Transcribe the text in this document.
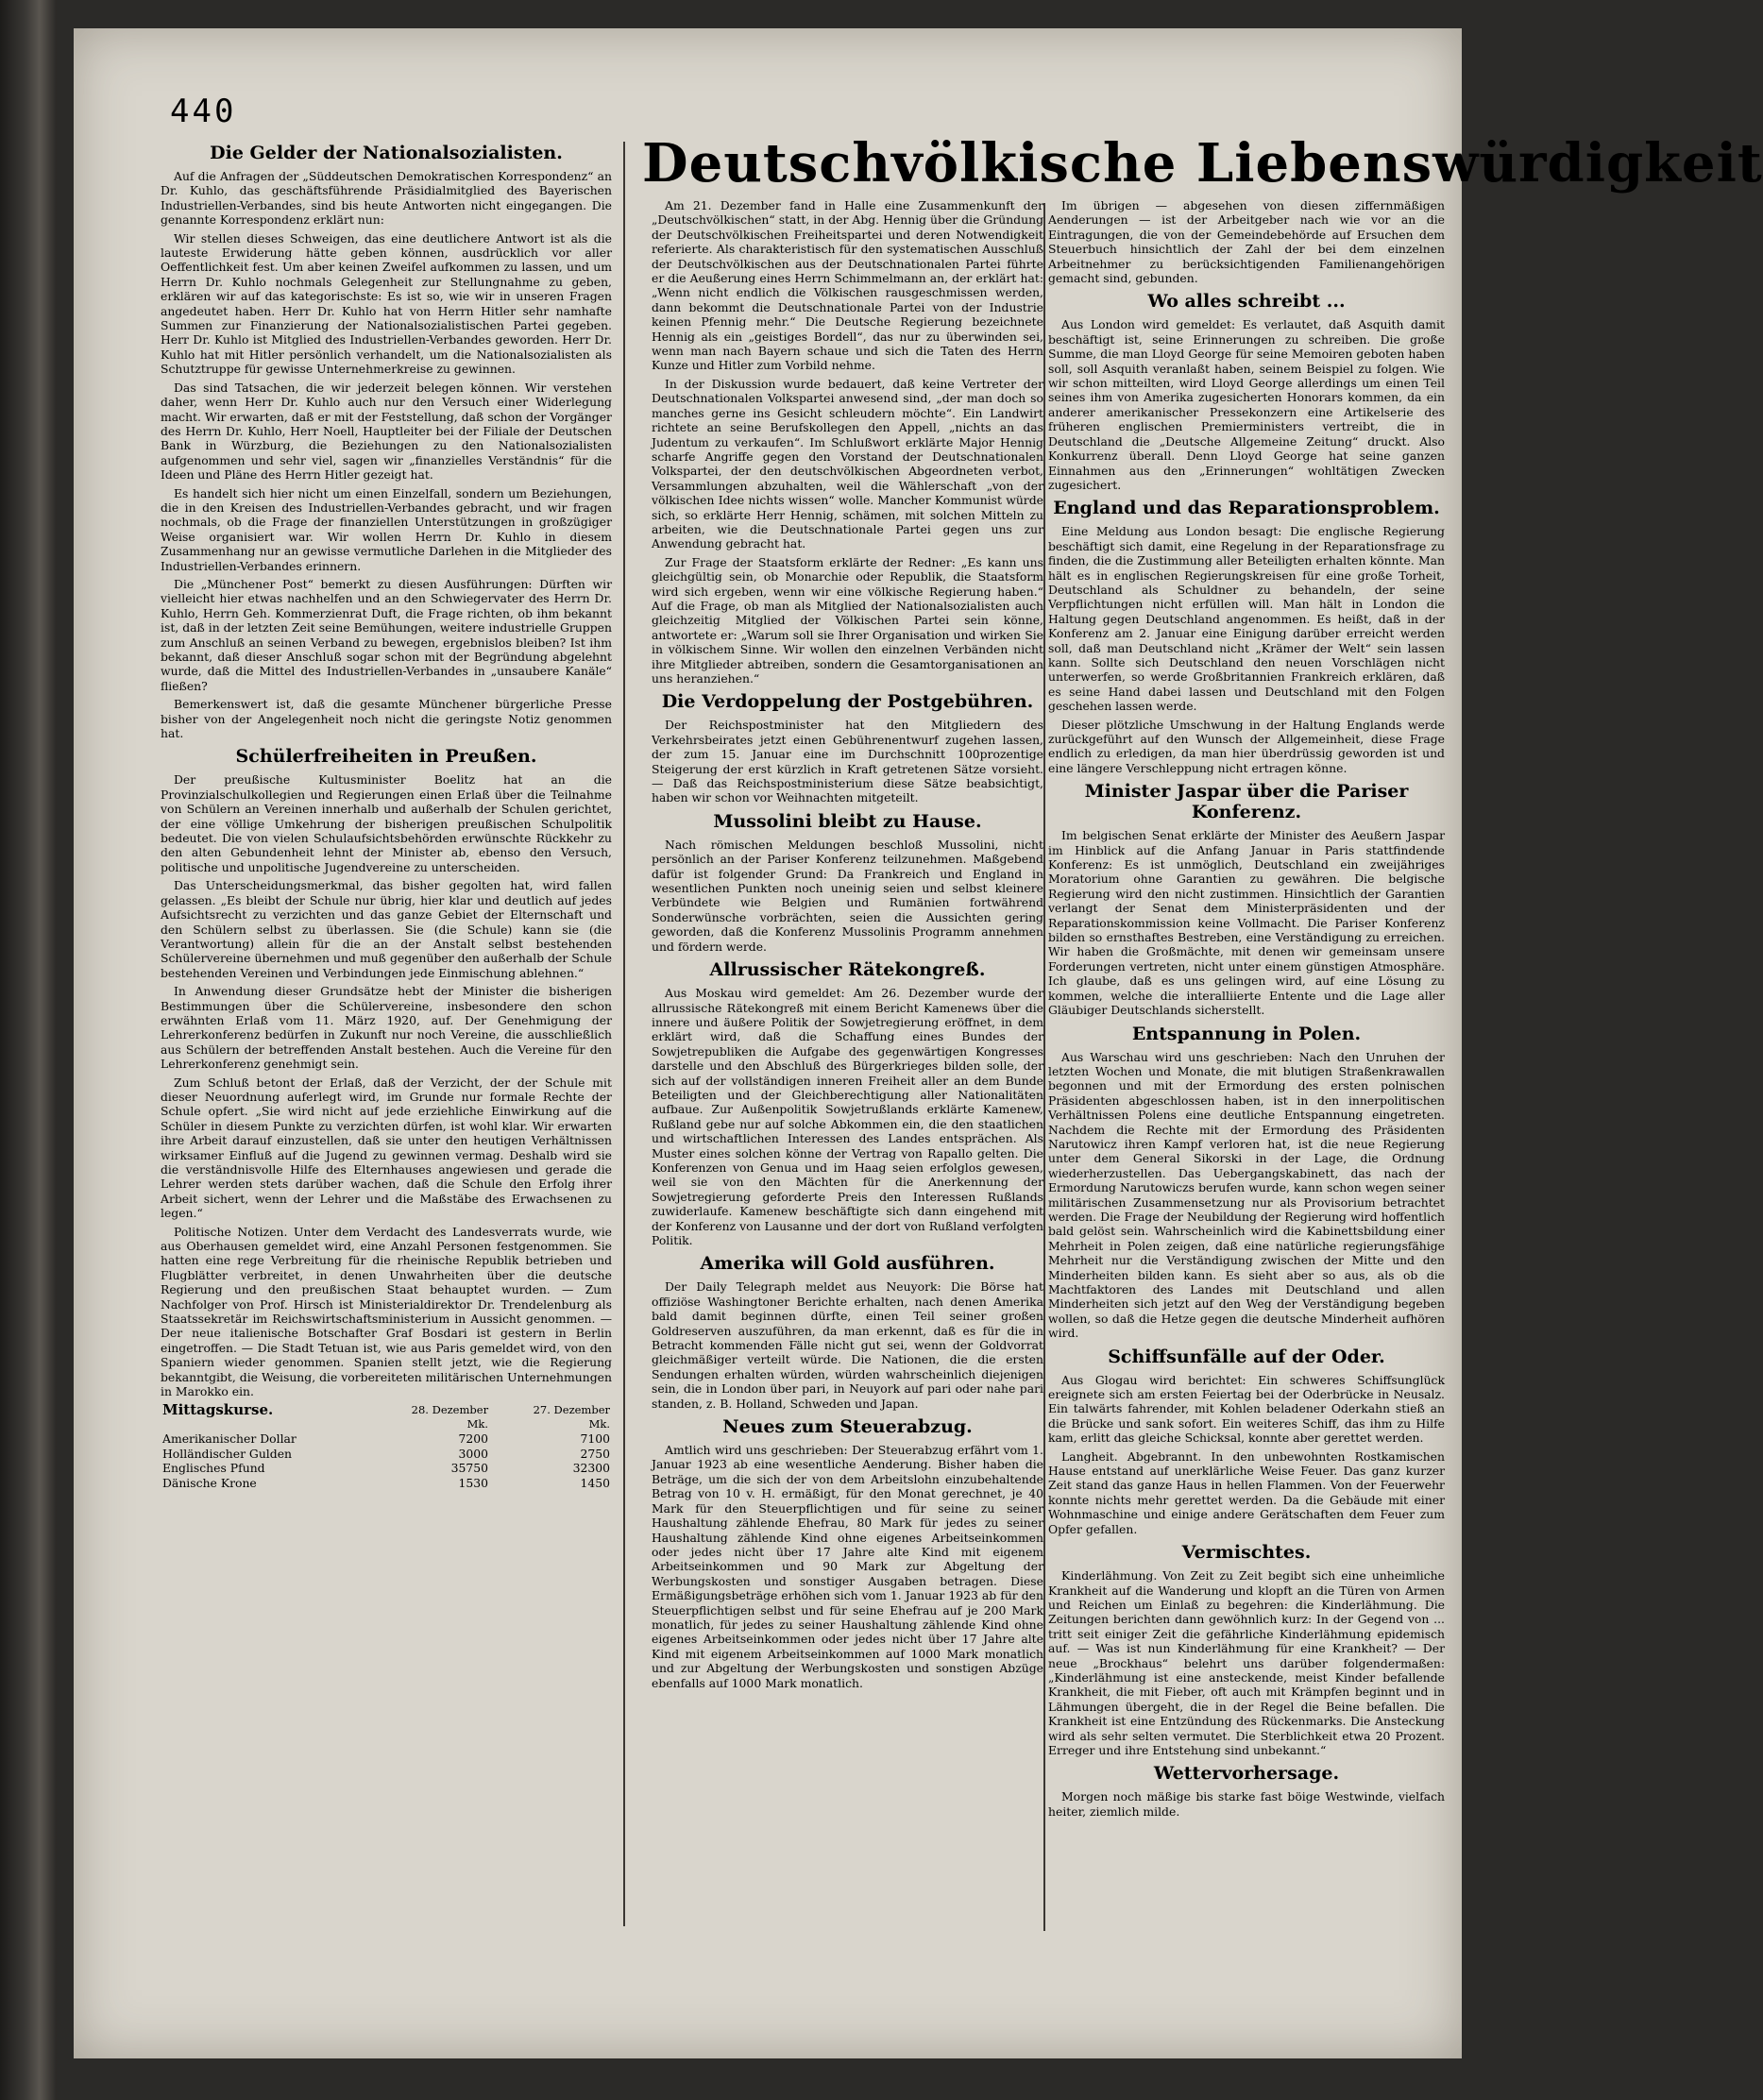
440
Deutschvölkische Liebenswürdigkeit
Die Gelder der Nationalsozialisten.

Auf die Anfragen der „Süddeutschen Demokratischen Korrespondenz“ an Dr. Kuhlo, das geschäftsführende Präsidialmitglied des Bayerischen Industriellen-Verbandes, sind bis heute Antworten nicht eingegangen. Die genannte Korrespondenz erklärt nun:

Wir stellen dieses Schweigen, das eine deutlichere Antwort ist als die lauteste Erwiderung hätte geben können, ausdrücklich vor aller Oeffentlichkeit fest. Um aber keinen Zweifel aufkommen zu lassen, und um Herrn Dr. Kuhlo nochmals Gelegenheit zur Stellungnahme zu geben, erklären wir auf das kategorischste: Es ist so, wie wir in unseren Fragen angedeutet haben. Herr Dr. Kuhlo hat von Herrn Hitler sehr namhafte Summen zur Finanzierung der Nationalsozialistischen Partei gegeben. Herr Dr. Kuhlo ist Mitglied des Industriellen-Verbandes geworden. Herr Dr. Kuhlo hat mit Hitler persönlich verhandelt, um die Nationalsozialisten als Schutztruppe für gewisse Unternehmerkreise zu gewinnen.

Das sind Tatsachen, die wir jederzeit belegen können. Wir verstehen daher, wenn Herr Dr. Kuhlo auch nur den Versuch einer Widerlegung macht. Wir erwarten, daß er mit der Feststellung, daß schon der Vorgänger des Herrn Dr. Kuhlo, Herr Noell, Hauptleiter bei der Filiale der Deutschen Bank in Würzburg, die Beziehungen zu den Nationalsozialisten aufgenommen und sehr viel, sagen wir „finanzielles Verständnis“ für die Ideen und Pläne des Herrn Hitler gezeigt hat.

Es handelt sich hier nicht um einen Einzelfall, sondern um Beziehungen, die in den Kreisen des Industriellen-Verbandes gebracht, und wir fragen nochmals, ob die Frage der finanziellen Unterstützungen in großzügiger Weise organisiert war. Wir wollen Herrn Dr. Kuhlo in diesem Zusammenhang nur an gewisse vermutliche Darlehen in die Mitglieder des Industriellen-Verbandes erinnern.

Die „Münchener Post“ bemerkt zu diesen Ausführungen: Dürften wir vielleicht hier etwas nachhelfen und an den Schwiegervater des Herrn Dr. Kuhlo, Herrn Geh. Kommerzienrat Duft, die Frage richten, ob ihm bekannt ist, daß in der letzten Zeit seine Bemühungen, weitere industrielle Gruppen zum Anschluß an seinen Verband zu bewegen, ergebnislos bleiben? Ist ihm bekannt, daß dieser Anschluß sogar schon mit der Begründung abgelehnt wurde, daß die Mittel des Industriellen-Verbandes in „unsaubere Kanäle“ fließen?

Bemerkenswert ist, daß die gesamte Münchener bürgerliche Presse bisher von der Angelegenheit noch nicht die geringste Notiz genommen hat.

Schülerfreiheiten in Preußen.

Der preußische Kultusminister Boelitz hat an die Provinzialschulkollegien und Regierungen einen Erlaß über die Teilnahme von Schülern an Vereinen innerhalb und außerhalb der Schulen gerichtet, der eine völlige Umkehrung der bisherigen preußischen Schulpolitik bedeutet. Die von vielen Schulaufsichtsbehörden erwünschte Rückkehr zu den alten Gebundenheit lehnt der Minister ab, ebenso den Versuch, politische und unpolitische Jugendvereine zu unterscheiden.

Das Unterscheidungsmerkmal, das bisher gegolten hat, wird fallen gelassen. „Es bleibt der Schule nur übrig, hier klar und deutlich auf jedes Aufsichtsrecht zu verzichten und das ganze Gebiet der Elternschaft und den Schülern selbst zu überlassen. Sie (die Schule) kann sie (die Verantwortung) allein für die an der Anstalt selbst bestehenden Schülervereine übernehmen und muß gegenüber den außerhalb der Schule bestehenden Vereinen und Verbindungen jede Einmischung ablehnen.“

In Anwendung dieser Grundsätze hebt der Minister die bisherigen Bestimmungen über die Schülervereine, insbesondere den schon erwähnten Erlaß vom 11. März 1920, auf. Der Genehmigung der Lehrerkonferenz bedürfen in Zukunft nur noch Vereine, die ausschließlich aus Schülern der betreffenden Anstalt bestehen. Auch die Vereine für den Lehrerkonferenz genehmigt sein.

Zum Schluß betont der Erlaß, daß der Verzicht, der der Schule mit dieser Neuordnung auferlegt wird, im Grunde nur formale Rechte der Schule opfert. „Sie wird nicht auf jede erziehliche Einwirkung auf die Schüler in diesem Punkte zu verzichten dürfen, ist wohl klar. Wir erwarten ihre Arbeit darauf einzustellen, daß sie unter den heutigen Verhältnissen wirksamer Einfluß auf die Jugend zu gewinnen vermag. Deshalb wird sie die verständnisvolle Hilfe des Elternhauses angewiesen und gerade die Lehrer werden stets darüber wachen, daß die Schule den Erfolg ihrer Arbeit sichert, wenn der Lehrer und die Maßstäbe des Erwachsenen zu legen.“

Politische Notizen. Unter dem Verdacht des Landesverrats wurde, wie aus Oberhausen gemeldet wird, eine Anzahl Personen festgenommen. Sie hatten eine rege Verbreitung für die rheinische Republik betrieben und Flugblätter verbreitet, in denen Unwahrheiten über die deutsche Regierung und den preußischen Staat behauptet wurden. — Zum Nachfolger von Prof. Hirsch ist Ministerialdirektor Dr. Trendelenburg als Staatssekretär im Reichswirtschaftsministerium in Aussicht genommen. — Der neue italienische Botschafter Graf Bosdari ist gestern in Berlin eingetroffen. — Die Stadt Tetuan ist, wie aus Paris gemeldet wird, von den Spaniern wieder genommen. Spanien stellt jetzt, wie die Regierung bekanntgibt, die Weisung, die vorbereiteten militärischen Unternehmungen in Marokko ein.

Mittagskurse.	28. Dezember	27. Dezember
	Mk.	Mk.
Amerikanischer Dollar	7200	7100
Holländischer Gulden	3000	2750
Englisches Pfund	35750	32300
Dänische Krone	1530	1450

Am 21. Dezember fand in Halle eine Zusammenkunft der „Deutschvölkischen“ statt, in der Abg. Hennig über die Gründung der Deutschvölkischen Freiheitspartei und deren Notwendigkeit referierte. Als charakteristisch für den systematischen Ausschluß der Deutschvölkischen aus der Deutschnationalen Partei führte er die Aeußerung eines Herrn Schimmelmann an, der erklärt hat: „Wenn nicht endlich die Völkischen rausgeschmissen werden, dann bekommt die Deutschnationale Partei von der Industrie keinen Pfennig mehr.“ Die Deutsche Regierung bezeichnete Hennig als ein „geistiges Bordell“, das nur zu überwinden sei, wenn man nach Bayern schaue und sich die Taten des Herrn Kunze und Hitler zum Vorbild nehme.

In der Diskussion wurde bedauert, daß keine Vertreter der Deutschnationalen Volkspartei anwesend sind, „der man doch so manches gerne ins Gesicht schleudern möchte“. Ein Landwirt richtete an seine Berufskollegen den Appell, „nichts an das Judentum zu verkaufen“. Im Schlußwort erklärte Major Hennig scharfe Angriffe gegen den Vorstand der Deutschnationalen Volkspartei, der den deutschvölkischen Abgeordneten verbot, Versammlungen abzuhalten, weil die Wählerschaft „von der völkischen Idee nichts wissen“ wolle. Mancher Kommunist würde sich, so erklärte Herr Hennig, schämen, mit solchen Mitteln zu arbeiten, wie die Deutschnationale Partei gegen uns zur Anwendung gebracht hat.

Zur Frage der Staatsform erklärte der Redner: „Es kann uns gleichgültig sein, ob Monarchie oder Republik, die Staatsform wird sich ergeben, wenn wir eine völkische Regierung haben.“ Auf die Frage, ob man als Mitglied der Nationalsozialisten auch gleichzeitig Mitglied der Völkischen Partei sein könne, antwortete er: „Warum soll sie Ihrer Organisation und wirken Sie in völkischem Sinne. Wir wollen den einzelnen Verbänden nicht ihre Mitglieder abtreiben, sondern die Gesamtorganisationen an uns heranziehen.“

Die Verdoppelung der Postgebühren.

Der Reichspostminister hat den Mitgliedern des Verkehrsbeirates jetzt einen Gebührenentwurf zugehen lassen, der zum 15. Januar eine im Durchschnitt 100prozentige Steigerung der erst kürzlich in Kraft getretenen Sätze vorsieht. — Daß das Reichspostministerium diese Sätze beabsichtigt, haben wir schon vor Weihnachten mitgeteilt.

Mussolini bleibt zu Hause.

Nach römischen Meldungen beschloß Mussolini, nicht persönlich an der Pariser Konferenz teilzunehmen. Maßgebend dafür ist folgender Grund: Da Frankreich und England in wesentlichen Punkten noch uneinig seien und selbst kleinere Verbündete wie Belgien und Rumänien fortwährend Sonderwünsche vorbrächten, seien die Aussichten gering geworden, daß die Konferenz Mussolinis Programm annehmen und fördern werde.

Allrussischer Rätekongreß.

Aus Moskau wird gemeldet: Am 26. Dezember wurde der allrussische Rätekongreß mit einem Bericht Kamenews über die innere und äußere Politik der Sowjetregierung eröffnet, in dem erklärt wird, daß die Schaffung eines Bundes der Sowjetrepubliken die Aufgabe des gegenwärtigen Kongresses darstelle und den Abschluß des Bürgerkrieges bilden solle, der sich auf der vollständigen inneren Freiheit aller an dem Bunde Beteiligten und der Gleichberechtigung aller Nationalitäten aufbaue. Zur Außenpolitik Sowjetrußlands erklärte Kamenew, Rußland gebe nur auf solche Abkommen ein, die den staatlichen und wirtschaftlichen Interessen des Landes entsprächen. Als Muster eines solchen könne der Vertrag von Rapallo gelten. Die Konferenzen von Genua und im Haag seien erfolglos gewesen, weil sie von den Mächten für die Anerkennung der Sowjetregierung geforderte Preis den Interessen Rußlands zuwiderlaufe. Kamenew beschäftigte sich dann eingehend mit der Konferenz von Lausanne und der dort von Rußland verfolgten Politik.

Amerika will Gold ausführen.

Der Daily Telegraph meldet aus Neuyork: Die Börse hat offiziöse Washingtoner Berichte erhalten, nach denen Amerika bald damit beginnen dürfte, einen Teil seiner großen Goldreserven auszuführen, da man erkennt, daß es für die in Betracht kommenden Fälle nicht gut sei, wenn der Goldvorrat gleichmäßiger verteilt würde. Die Nationen, die die ersten Sendungen erhalten würden, würden wahrscheinlich diejenigen sein, die in London über pari, in Neuyork auf pari oder nahe pari standen, z. B. Holland, Schweden und Japan.

Neues zum Steuerabzug.

Amtlich wird uns geschrieben: Der Steuerabzug erfährt vom 1. Januar 1923 ab eine wesentliche Aenderung. Bisher haben die Beträge, um die sich der von dem Arbeitslohn einzubehaltende Betrag von 10 v. H. ermäßigt, für den Monat gerechnet, je 40 Mark für den Steuerpflichtigen und für seine zu seiner Haushaltung zählende Ehefrau, 80 Mark für jedes zu seiner Haushaltung zählende Kind ohne eigenes Arbeitseinkommen oder jedes nicht über 17 Jahre alte Kind mit eigenem Arbeitseinkommen und 90 Mark zur Abgeltung der Werbungskosten und sonstiger Ausgaben betragen. Diese Ermäßigungsbeträge erhöhen sich vom 1. Januar 1923 ab für den Steuerpflichtigen selbst und für seine Ehefrau auf je 200 Mark monatlich, für jedes zu seiner Haushaltung zählende Kind ohne eigenes Arbeitseinkommen oder jedes nicht über 17 Jahre alte Kind mit eigenem Arbeitseinkommen auf 1000 Mark monatlich und zur Abgeltung der Werbungskosten und sonstigen Abzüge ebenfalls auf 1000 Mark monatlich.

Im übrigen — abgesehen von diesen ziffernmäßigen Aenderungen — ist der Arbeitgeber nach wie vor an die Eintragungen, die von der Gemeindebehörde auf Ersuchen dem Steuerbuch hinsichtlich der Zahl der bei dem einzelnen Arbeitnehmer zu berücksichtigenden Familienangehörigen gemacht sind, gebunden.

Wo alles schreibt ...

Aus London wird gemeldet: Es verlautet, daß Asquith damit beschäftigt ist, seine Erinnerungen zu schreiben. Die große Summe, die man Lloyd George für seine Memoiren geboten haben soll, soll Asquith veranlaßt haben, seinem Beispiel zu folgen. Wie wir schon mitteilten, wird Lloyd George allerdings um einen Teil seines ihm von Amerika zugesicherten Honorars kommen, da ein anderer amerikanischer Pressekonzern eine Artikelserie des früheren englischen Premierministers vertreibt, die in Deutschland die „Deutsche Allgemeine Zeitung“ druckt. Also Konkurrenz überall. Denn Lloyd George hat seine ganzen Einnahmen aus den „Erinnerungen“ wohltätigen Zwecken zugesichert.

England und das Reparationsproblem.

Eine Meldung aus London besagt: Die englische Regierung beschäftigt sich damit, eine Regelung in der Reparationsfrage zu finden, die die Zustimmung aller Beteiligten erhalten könnte. Man hält es in englischen Regierungskreisen für eine große Torheit, Deutschland als Schuldner zu behandeln, der seine Verpflichtungen nicht erfüllen will. Man hält in London die Haltung gegen Deutschland angenommen. Es heißt, daß in der Konferenz am 2. Januar eine Einigung darüber erreicht werden soll, daß man Deutschland nicht „Krämer der Welt“ sein lassen kann. Sollte sich Deutschland den neuen Vorschlägen nicht unterwerfen, so werde Großbritannien Frankreich erklären, daß es seine Hand dabei lassen und Deutschland mit den Folgen geschehen lassen werde.

Dieser plötzliche Umschwung in der Haltung Englands werde zurückgeführt auf den Wunsch der Allgemeinheit, diese Frage endlich zu erledigen, da man hier überdrüssig geworden ist und eine längere Verschleppung nicht ertragen könne.

Minister Jaspar über die Pariser Konferenz.

Im belgischen Senat erklärte der Minister des Aeußern Jaspar im Hinblick auf die Anfang Januar in Paris stattfindende Konferenz: Es ist unmöglich, Deutschland ein zweijähriges Moratorium ohne Garantien zu gewähren. Die belgische Regierung wird den nicht zustimmen. Hinsichtlich der Garantien verlangt der Senat dem Ministerpräsidenten und der Reparationskommission keine Vollmacht. Die Pariser Konferenz bilden so ernsthaftes Bestreben, eine Verständigung zu erreichen. Wir haben die Großmächte, mit denen wir gemeinsam unsere Forderungen vertreten, nicht unter einem günstigen Atmosphäre. Ich glaube, daß es uns gelingen wird, auf eine Lösung zu kommen, welche die interalliierte Entente und die Lage aller Gläubiger Deutschlands sicherstellt.

Entspannung in Polen.

Aus Warschau wird uns geschrieben: Nach den Unruhen der letzten Wochen und Monate, die mit blutigen Straßenkrawallen begonnen und mit der Ermordung des ersten polnischen Präsidenten abgeschlossen haben, ist in den innerpolitischen Verhältnissen Polens eine deutliche Entspannung eingetreten. Nachdem die Rechte mit der Ermordung des Präsidenten Narutowicz ihren Kampf verloren hat, ist die neue Regierung unter dem General Sikorski in der Lage, die Ordnung wiederherzustellen. Das Uebergangskabinett, das nach der Ermordung Narutowiczs berufen wurde, kann schon wegen seiner militärischen Zusammensetzung nur als Provisorium betrachtet werden. Die Frage der Neubildung der Regierung wird hoffentlich bald gelöst sein. Wahrscheinlich wird die Kabinettsbildung einer Mehrheit in Polen zeigen, daß eine natürliche regierungsfähige Mehrheit nur die Verständigung zwischen der Mitte und den Minderheiten bilden kann. Es sieht aber so aus, als ob die Machtfaktoren des Landes mit Deutschland und allen Minderheiten sich jetzt auf den Weg der Verständigung begeben wollen, so daß die Hetze gegen die deutsche Minderheit aufhören wird.

Schiffsunfälle auf der Oder.

Aus Glogau wird berichtet: Ein schweres Schiffsunglück ereignete sich am ersten Feiertag bei der Oderbrücke in Neusalz. Ein talwärts fahrender, mit Kohlen beladener Oderkahn stieß an die Brücke und sank sofort. Ein weiteres Schiff, das ihm zu Hilfe kam, erlitt das gleiche Schicksal, konnte aber gerettet werden.

Langheit. Abgebrannt. In den unbewohnten Rostkamischen Hause entstand auf unerklärliche Weise Feuer. Das ganz kurzer Zeit stand das ganze Haus in hellen Flammen. Von der Feuerwehr konnte nichts mehr gerettet werden. Da die Gebäude mit einer Wohnmaschine und einige andere Gerätschaften dem Feuer zum Opfer gefallen.

Vermischtes.

Kinderlähmung. Von Zeit zu Zeit begibt sich eine unheimliche Krankheit auf die Wanderung und klopft an die Türen von Armen und Reichen um Einlaß zu begehren: die Kinderlähmung. Die Zeitungen berichten dann gewöhnlich kurz: In der Gegend von ... tritt seit einiger Zeit die gefährliche Kinderlähmung epidemisch auf. — Was ist nun Kinderlähmung für eine Krankheit? — Der neue „Brockhaus“ belehrt uns darüber folgendermaßen: „Kinderlähmung ist eine ansteckende, meist Kinder befallende Krankheit, die mit Fieber, oft auch mit Krämpfen beginnt und in Lähmungen übergeht, die in der Regel die Beine befallen. Die Krankheit ist eine Entzündung des Rückenmarks. Die Ansteckung wird als sehr selten vermutet. Die Sterblichkeit etwa 20 Prozent. Erreger und ihre Entstehung sind unbekannt.“

Wettervorhersage.

Morgen noch mäßige bis starke fast böige Westwinde, vielfach heiter, ziemlich milde.
